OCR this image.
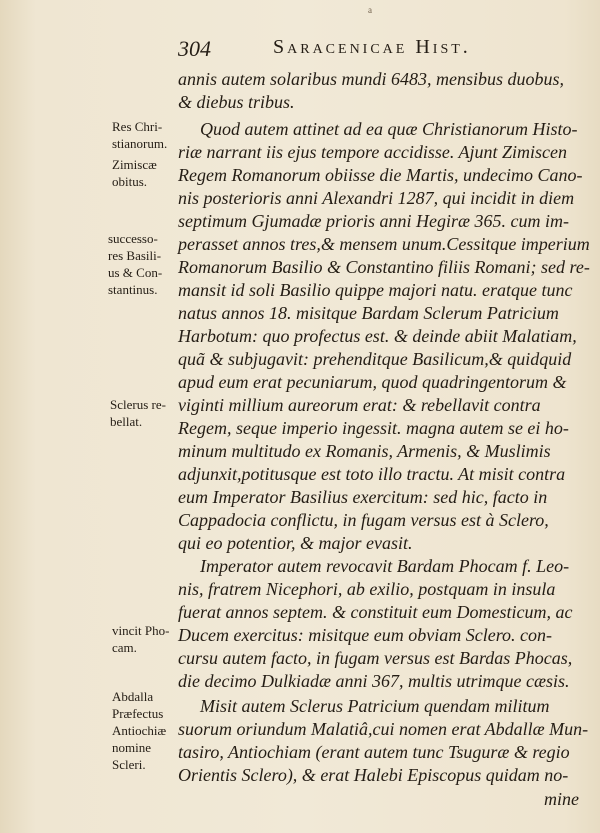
a
304	Saracenicae Hist.
Res Chri-
stianorum.
Zimiscæ
obitus.
successo-
res Basili-
us & Con-
stantinus.
Sclerus re-
bellat.
vincit Pho-
cam.
Abdalla
Præfectus
Antiochiæ
nomine
Scleri.
annis autem solaribus mundi 6483, mensibus duobus,
& diebus tribus.
Quod autem attinet ad ea quæ Christianorum Histo-
riæ narrant iis ejus tempore accidisse. Ajunt Zimiscen
Regem Romanorum obiisse die Martis, undecimo Cano-
nis posterioris anni Alexandri 1287, qui incidit in diem
septimum Gjumadæ prioris anni Hegiræ 365. cum im-
perasset annos tres,& mensem unum.Cessitque imperium
Romanorum Basilio & Constantino filiis Romani; sed re-
mansit id soli Basilio quippe majori natu. eratque tunc
natus annos 18. misitque Bardam Sclerum Patricium
Harbotum: quo profectus est. & deinde abiit Malatiam,
quã & subjugavit: prehenditque Basilicum,& quidquid
apud eum erat pecuniarum, quod quadringentorum &
viginti millium aureorum erat: & rebellavit contra
Regem, seque imperio ingessit. magna autem se ei ho-
minum multitudo ex Romanis, Armenis, & Muslimis
adjunxit,potitusque est toto illo tractu. At misit contra
eum Imperator Basilius exercitum: sed hic, facto in
Cappadocia conflictu, in fugam versus est à Sclero,
qui eo potentior, & major evasit.
Imperator autem revocavit Bardam Phocam f. Leo-
nis, fratrem Nicephori, ab exilio, postquam in insula
fuerat annos septem. & constituit eum Domesticum, ac
Ducem exercitus: misitque eum obviam Sclero. con-
cursu autem facto, in fugam versus est Bardas Phocas,
die decimo Dulkiadæ anni 367, multis utrimque cæsis.
Misit autem Sclerus Patricium quendam militum
suorum oriundum Malatiâ,cui nomen erat Abdallæ Mun-
tasiro, Antiochiam (erant autem tunc Tsuguræ & regio
Orientis Sclero), & erat Halebi Episcopus quidam no-
mine
